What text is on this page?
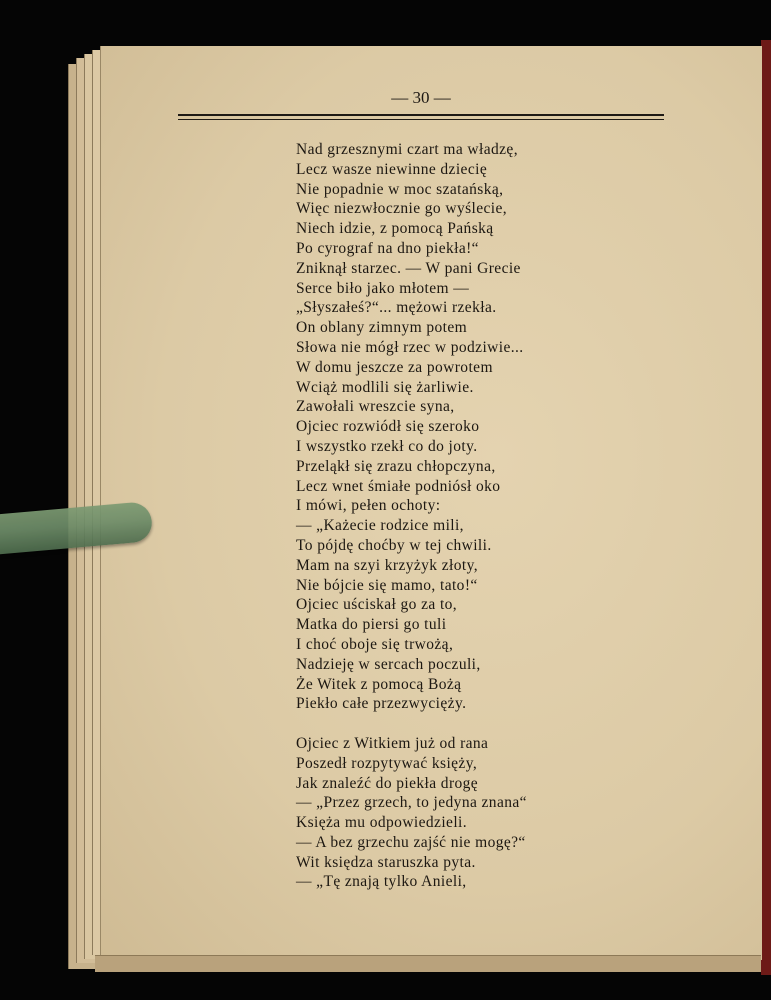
— 30 —
Nad grzesznymi czart ma władzę,
Lecz wasze niewinne dziecię
Nie popadnie w moc szatańską,
Więc niezwłocznie go wyślecie,
Niech idzie, z pomocą Pańską
Po cyrograf na dno piekła!“
Zniknął starzec. — W pani Grecie
Serce biło jako młotem —
„Słyszałeś?“... mężowi rzekła.
On oblany zimnym potem
Słowa nie mógł rzec w podziwie...
W domu jeszcze za powrotem
Wciąż modlili się żarliwie.
Zawołali wreszcie syna,
Ojciec rozwiódł się szeroko
I wszystko rzekł co do joty.
Przeląkł się zrazu chłopczyna,
Lecz wnet śmiałe podniósł oko
I mówi, pełen ochoty:
— „Każecie rodzice mili,
To pójdę choćby w tej chwili.
Mam na szyi krzyżyk złoty,
Nie bójcie się mamo, tato!“
Ojciec uściskał go za to,
Matka do piersi go tuli
I choć oboje się trwożą,
Nadzieję w sercach poczuli,
Że Witek z pomocą Bożą
Piekło całe przezwycięży.
Ojciec z Witkiem już od rana
Poszedł rozpytywać księży,
Jak znaleźć do piekła drogę
— „Przez grzech, to jedyna znana“
Księża mu odpowiedzieli.
— A bez grzechu zajść nie mogę?“
Wit księdza staruszka pyta.
— „Tę znają tylko Anieli,
